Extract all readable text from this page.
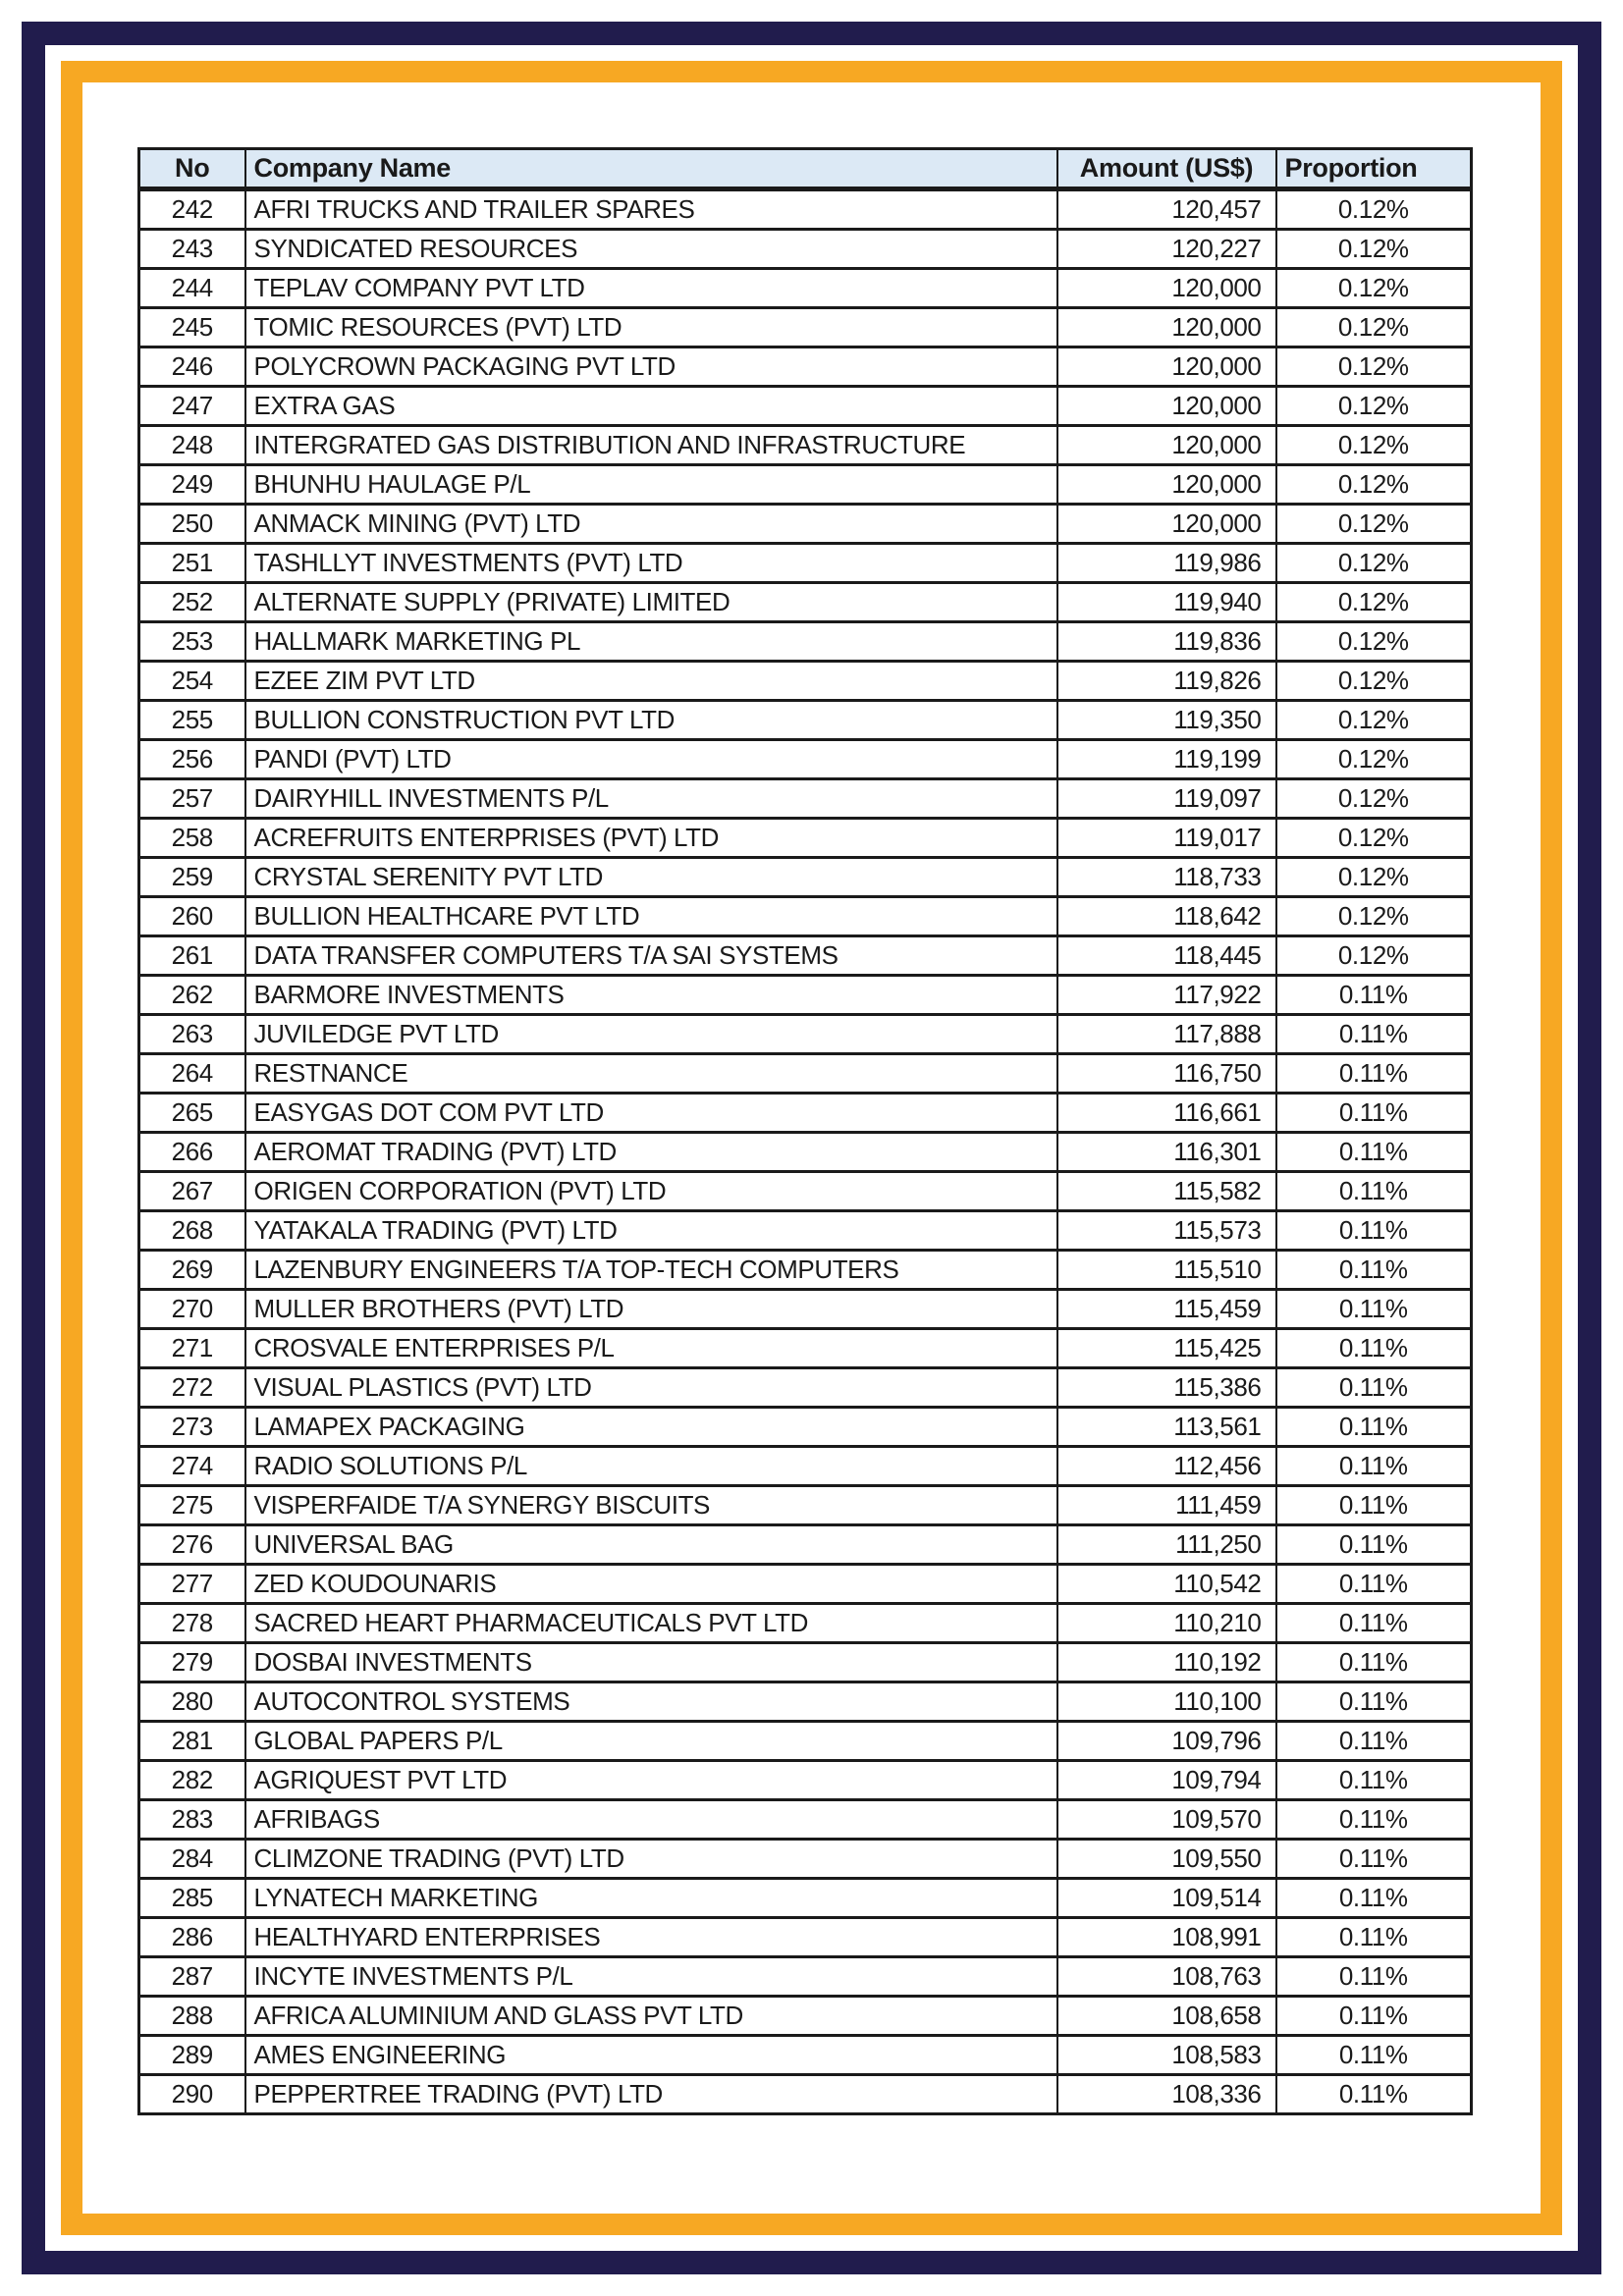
No	Company Name	Amount (US$)	Proportion
242	AFRI TRUCKS AND TRAILER SPARES	120,457	0.12%
243	SYNDICATED RESOURCES	120,227	0.12%
244	TEPLAV COMPANY PVT LTD	120,000	0.12%
245	TOMIC RESOURCES (PVT) LTD	120,000	0.12%
246	POLYCROWN PACKAGING PVT LTD	120,000	0.12%
247	EXTRA GAS	120,000	0.12%
248	INTERGRATED GAS DISTRIBUTION AND INFRASTRUCTURE	120,000	0.12%
249	BHUNHU HAULAGE P/L	120,000	0.12%
250	ANMACK MINING (PVT) LTD	120,000	0.12%
251	TASHLLYT INVESTMENTS (PVT) LTD	119,986	0.12%
252	ALTERNATE SUPPLY (PRIVATE) LIMITED	119,940	0.12%
253	HALLMARK MARKETING PL	119,836	0.12%
254	EZEE ZIM PVT LTD	119,826	0.12%
255	BULLION CONSTRUCTION PVT LTD	119,350	0.12%
256	PANDI (PVT) LTD	119,199	0.12%
257	DAIRYHILL INVESTMENTS P/L	119,097	0.12%
258	ACREFRUITS ENTERPRISES (PVT) LTD	119,017	0.12%
259	CRYSTAL SERENITY PVT LTD	118,733	0.12%
260	BULLION HEALTHCARE PVT LTD	118,642	0.12%
261	DATA TRANSFER COMPUTERS T/A SAI SYSTEMS	118,445	0.12%
262	BARMORE INVESTMENTS	117,922	0.11%
263	JUVILEDGE PVT LTD	117,888	0.11%
264	RESTNANCE	116,750	0.11%
265	EASYGAS DOT COM PVT LTD	116,661	0.11%
266	AEROMAT TRADING (PVT) LTD	116,301	0.11%
267	ORIGEN CORPORATION (PVT) LTD	115,582	0.11%
268	YATAKALA TRADING (PVT) LTD	115,573	0.11%
269	LAZENBURY ENGINEERS T/A TOP-TECH COMPUTERS	115,510	0.11%
270	MULLER BROTHERS (PVT) LTD	115,459	0.11%
271	CROSVALE ENTERPRISES P/L	115,425	0.11%
272	VISUAL PLASTICS (PVT) LTD	115,386	0.11%
273	LAMAPEX PACKAGING	113,561	0.11%
274	RADIO SOLUTIONS P/L	112,456	0.11%
275	VISPERFAIDE T/A SYNERGY BISCUITS	111,459	0.11%
276	UNIVERSAL BAG	111,250	0.11%
277	ZED KOUDOUNARIS	110,542	0.11%
278	SACRED HEART PHARMACEUTICALS PVT LTD	110,210	0.11%
279	DOSBAI INVESTMENTS	110,192	0.11%
280	AUTOCONTROL SYSTEMS	110,100	0.11%
281	GLOBAL PAPERS P/L	109,796	0.11%
282	AGRIQUEST PVT LTD	109,794	0.11%
283	AFRIBAGS	109,570	0.11%
284	CLIMZONE TRADING (PVT) LTD	109,550	0.11%
285	LYNATECH MARKETING	109,514	0.11%
286	HEALTHYARD ENTERPRISES	108,991	0.11%
287	INCYTE INVESTMENTS P/L	108,763	0.11%
288	AFRICA ALUMINIUM AND GLASS PVT LTD	108,658	0.11%
289	AMES ENGINEERING	108,583	0.11%
290	PEPPERTREE TRADING (PVT) LTD	108,336	0.11%
